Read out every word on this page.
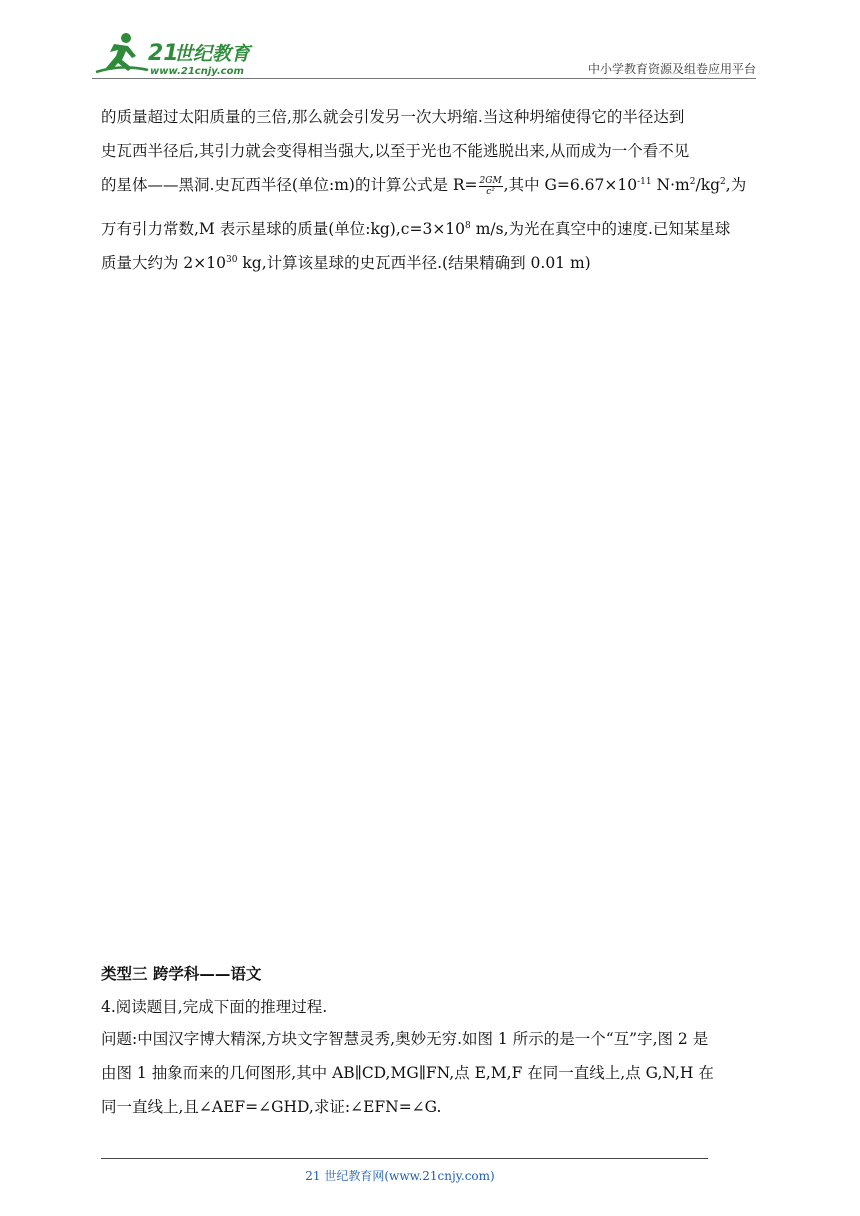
21
世纪教育
www.21cnjy.com	中小学教育资源及组卷应用平台
的质量超过太阳质量的三倍,那么就会引发另一次大坍缩.当这种坍缩使得它的半径达到
史瓦西半径后,其引力就会变得相当强大,以至于光也不能逃脱出来,从而成为一个看不见
的星体——黑洞.史瓦西半径(单位:m)的计算公式是 $R= \frac{2GM}{\text{c²}}$ ,其中 $G=6.67\times 10^{-11}$ $N\cdot m^2/kg^2$,为
万有引力常数,M 表示星球的质量(单位$:kg),c=3\times 10^8$ m/s,为光在真空中的速度.已知某星球
质量大约为 $2\times 10^{30}$ kg,计算该星球的史瓦西半径.(结果精确到 0.01 m)
类型三 跨学科——语文
4.阅读题目,完成下面的推理过程.
问题:中国汉字博大精深,方块文字智慧灵秀,奥妙无穷.如图 1 所示的是一个“互”字,图 2 是
由图 1 抽象而来的几何图形,其中 AB∥CD,MG∥FN,点 E,M,F 在同一直线上,点 G,N,H 在
同一直线上,且∠AEF=∠GHD,求证:∠EFN=∠G.
21 世纪教育网(www.21cnjy.com)
